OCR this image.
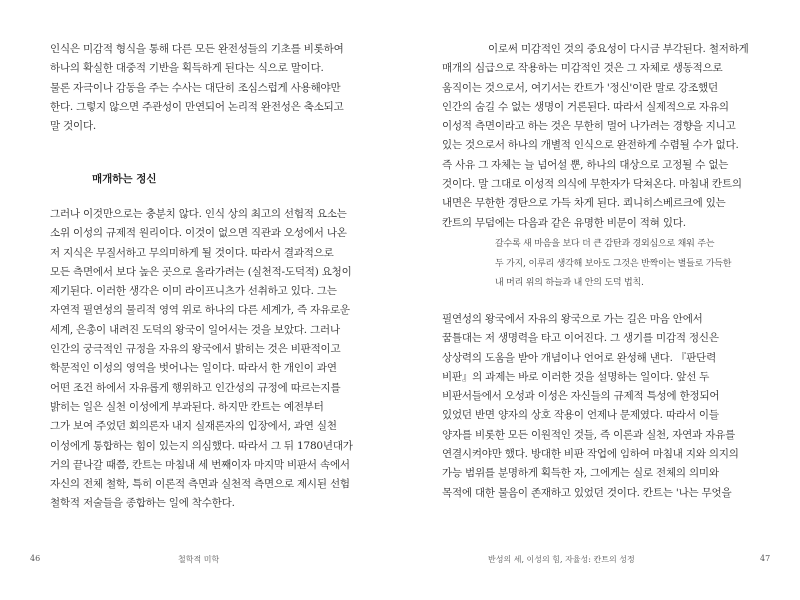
인식은 미감적 형식을 통해 다른 모든 완전성들의 기초를 비롯하여
하나의 확실한 대중적 기반을 획득하게 된다는 식으로 말이다.
물론 자극이나 감동을 주는 수사는 대단히 조심스럽게 사용해야만
한다. 그렇지 않으면 주관성이 만연되어 논리적 완전성은 축소되고
말 것이다.
매개하는 정신
그러나 이것만으로는 충분치 않다. 인식 상의 최고의 선험적 요소는
소위 이성의 규제적 원리이다. 이것이 없으면 직관과 오성에서 나온
저 지식은 무질서하고 무의미하게 될 것이다. 따라서 결과적으로
모든 측면에서 보다 높은 곳으로 올라가려는 (실천적-도덕적) 요청이
제기된다. 이러한 생각은 이미 라이프니츠가 선취하고 있다. 그는
자연적 필연성의 물리적 영역 위로 하나의 다른 세계가, 즉 자유로운
세계, 은총이 내려진 도덕의 왕국이 일어서는 것을 보았다. 그러나
인간의 궁극적인 규정을 자유의 왕국에서 밝히는 것은 비판적이고
학문적인 이성의 영역을 벗어나는 일이다. 따라서 한 개인이 과연
어떤 조건 하에서 자유롭게 행위하고 인간성의 규정에 따르는지를
밝히는 일은 실천 이성에게 부과된다. 하지만 칸트는 예전부터
그가 보여 주었던 회의론자 내지 실재론자의 입장에서, 과연 실천
이성에게 통합하는 힘이 있는지 의심했다. 따라서 그 뒤 1780년대가
거의 끝나갈 때쯤, 칸트는 마침내 세 번째이자 마지막 비판서 속에서
자신의 전체 철학, 특히 이론적 측면과 실천적 측면으로 제시된 선험
철학적 저술들을 종합하는 일에 착수한다.
46	철학적 미학
이로써 미감적인 것의 중요성이 다시금 부각된다. 철저하게
매개의 심급으로 작용하는 미감적인 것은 그 자체로 생동적으로
움직이는 것으로서, 여기서는 칸트가 '정신'이란 말로 강조했던
인간의 숨길 수 없는 생명이 거론된다. 따라서 실제적으로 자유의
이성적 측면이라고 하는 것은 무한히 멀어 나가려는 경향을 지니고
있는 것으로서 하나의 개별적 인식으로 완전하게 수렴될 수가 없다.
즉 사유 그 자체는 늘 넘어설 뿐, 하나의 대상으로 고정될 수 없는
것이다. 말 그대로 이성적 의식에 무한자가 닥쳐온다. 마침내 칸트의
내면은 무한한 경탄으로 가득 차게 된다. 쾨니히스베르크에 있는
칸트의 무덤에는 다음과 같은 유명한 비문이 적혀 있다.
갈수록 새 마음을 보다 더 큰 감탄과 경외심으로 채워 주는
두 가지, 이루리 생각해 보아도 그것은 반짝이는 별들로 가득한
내 머리 위의 하늘과 내 안의 도덕 법칙.
필연성의 왕국에서 자유의 왕국으로 가는 길은 마음 안에서
꿈틀대는 저 생명력을 타고 이어진다. 그 생기를 미감적 정신은
상상력의 도움을 받아 개념이나 언어로 완성해 낸다. 『판단력
비판』의 과제는 바로 이러한 것을 설명하는 일이다. 앞선 두
비판서들에서 오성과 이성은 자신들의 규제적 특성에 한정되어
있었던 반면 양자의 상호 작용이 언제나 문제였다. 따라서 이들
양자를 비롯한 모든 이원적인 것들, 즉 이론과 실천, 자연과 자유를
연결시켜야만 했다. 방대한 비판 작업에 임하여 마침내 지와 의지의
가능 범위를 분명하게 획득한 자, 그에게는 실로 전체의 의미와
목적에 대한 물음이 존재하고 있었던 것이다. 칸트는 '나는 무엇을
반성의 세, 이성의 힘, 자율성: 칸트의 성정	47
